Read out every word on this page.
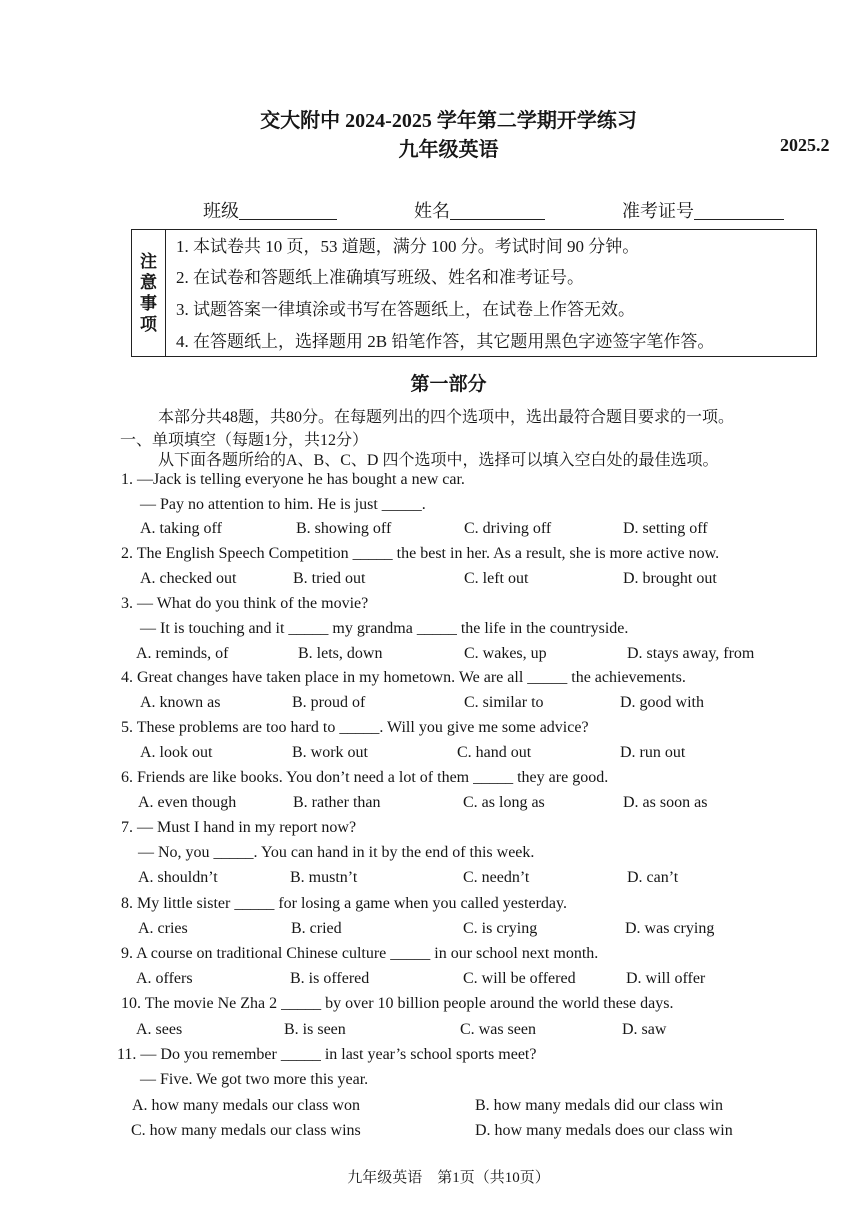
交大附中 2024-2025 学年第二学期开学练习
九年级英语	2025.2
班级	姓名	准考证号
注意事项
1. 本试卷共 10 页，53 道题，满分 100 分。考试时间 90 分钟。
2. 在试卷和答题纸上准确填写班级、姓名和准考证号。
3. 试题答案一律填涂或书写在答题纸上，在试卷上作答无效。
4. 在答题纸上，选择题用 2B 铅笔作答，其它题用黑色字迹签字笔作答。
第一部分
本部分共48题，共80分。在每题列出的四个选项中，选出最符合题目要求的一项。
一、单项填空（每题1分，共12分）
从下面各题所给的A、B、C、D 四个选项中，选择可以填入空白处的最佳选项。
1. —Jack is telling everyone he has bought a new car.
— Pay no attention to him. He is just _____.
A. taking off	B. showing off	C. driving off	D. setting off
2. The English Speech Competition _____ the best in her. As a result, she is more active now.
A. checked out	B. tried out	C. left out	D. brought out
3. — What do you think of the movie?
— It is touching and it _____ my grandma _____ the life in the countryside.
A. reminds, of	B. lets, down	C. wakes, up	D. stays away, from
4. Great changes have taken place in my hometown. We are all _____ the achievements.
A. known as	B. proud of	C. similar to	D. good with
5. These problems are too hard to _____. Will you give me some advice?
A. look out	B. work out	C. hand out	D. run out
6. Friends are like books. You don’t need a lot of them _____ they are good.
A. even though	B. rather than	C. as long as	D. as soon as
7. — Must I hand in my report now?
— No, you _____. You can hand in it by the end of this week.
A. shouldn’t	B. mustn’t	C. needn’t	D. can’t
8. My little sister _____ for losing a game when you called yesterday.
A. cries	B. cried	C. is crying	D. was crying
9. A course on traditional Chinese culture _____ in our school next month.
A. offers	B. is offered	C. will be offered	D. will offer
10. The movie Ne Zha 2 _____ by over 10 billion people around the world these days.
A. sees	B. is seen	C. was seen	D. saw
11. — Do you remember _____ in last year’s school sports meet?
— Five. We got two more this year.
A. how many medals our class won	B. how many medals did our class win
C. how many medals our class wins	D. how many medals does our class win
九年级英语　第1页（共10页）
